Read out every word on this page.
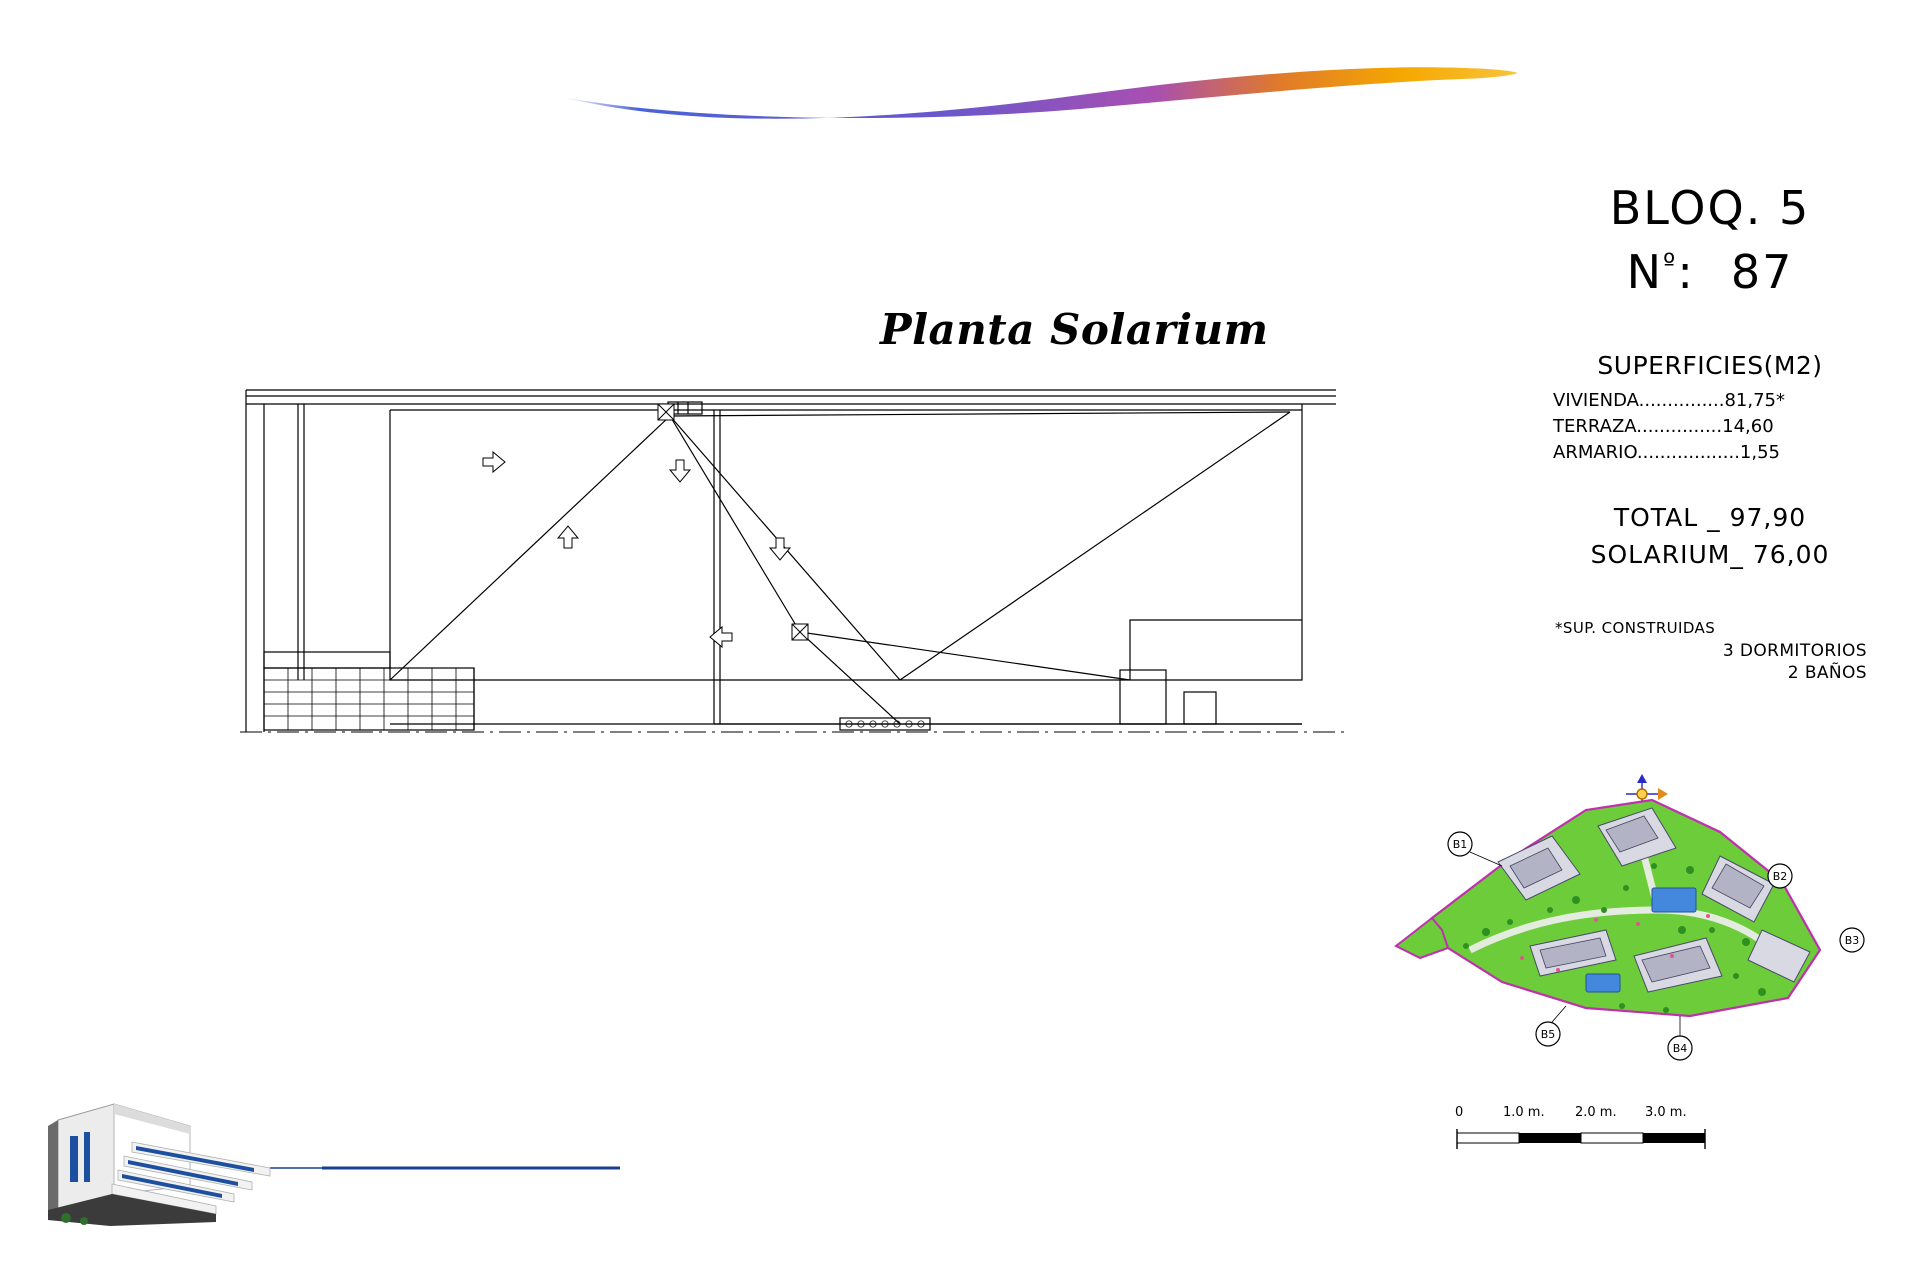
Planta Solarium
BLOQ. 5
$N^º$: 87
SUPERFICIES(M2)
VIVIENDA...............81,75*
TERRAZA...............14,60
ARMARIO..................1,55
TOTAL _ 97,90
SOLARIUM_ 76,00
*SUP. CONSTRUIDAS
3 DORMITORIOS
2 BAÑOS
B1
B2
B3
B4
B5
0	1.0 m. 2.0 m. 3.0 m.
